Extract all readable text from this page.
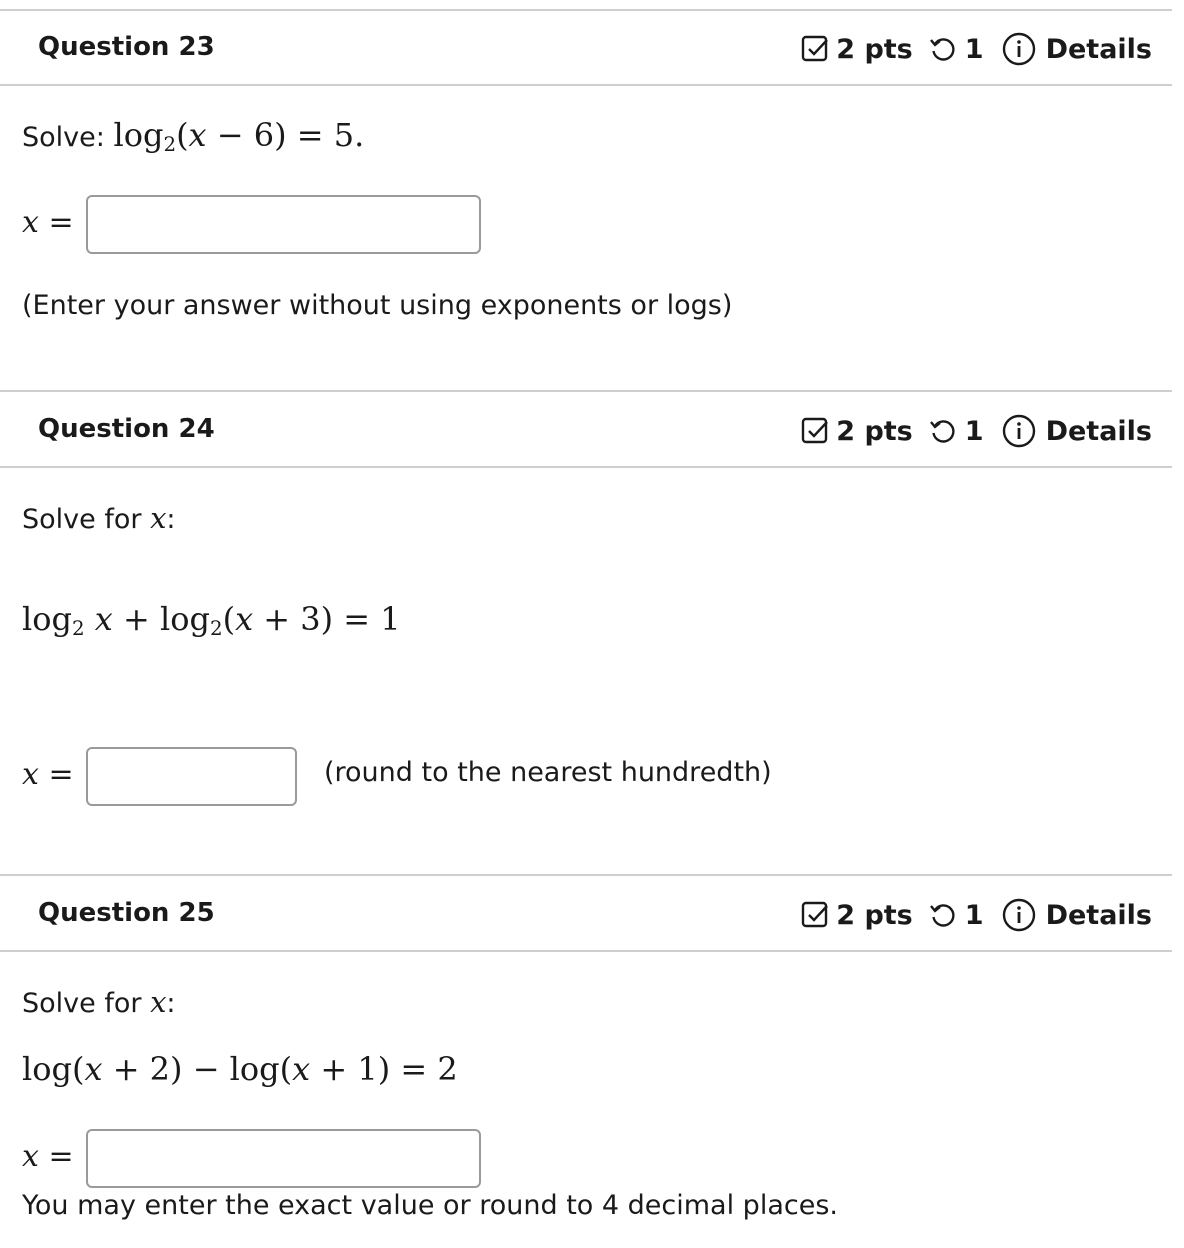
Question 23	2 pts 1 Details
Solve: $\log_2(x - 6) = 5$.
x =
(Enter your answer without using exponents or logs)
Question 24	2 pts 1 Details
Solve for x:
$\log_2 x + \log_2(x + 3) = 1$
x =	(round to the nearest hundredth)
Question 25	2 pts 1 Details
Solve for x:
log(x + 2) − log(x + 1) = 2
x =
You may enter the exact value or round to 4 decimal places.
